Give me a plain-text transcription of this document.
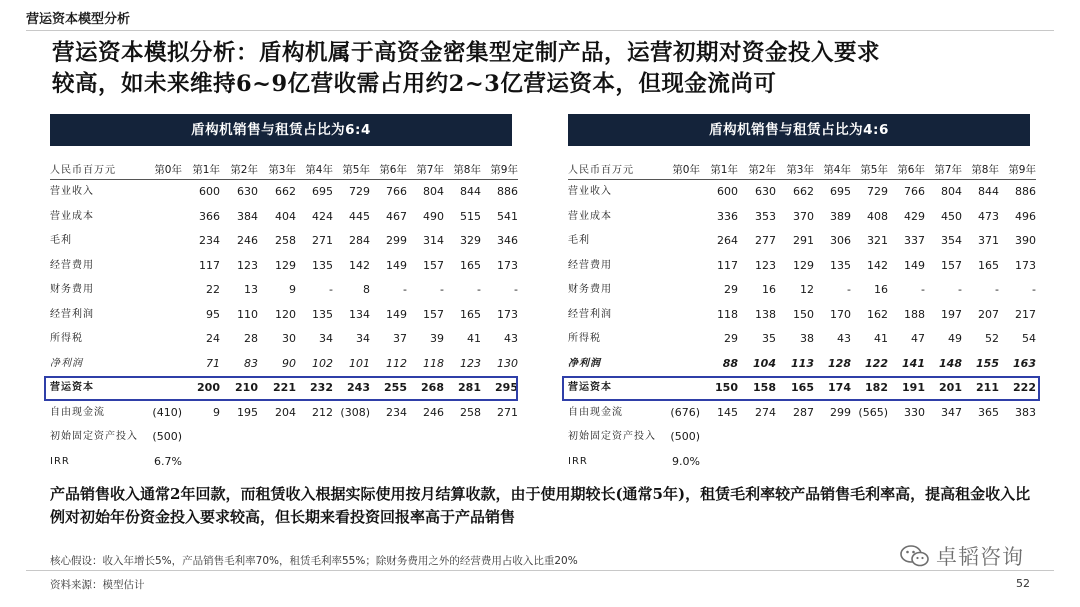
营运资本模型分析
营运资本模拟分析：盾构机属于高资金密集型定制产品，运营初期对资金投入要求
较高，如未来维持6~9亿营收需占用约2~3亿营运资本，但现金流尚可
盾构机销售与租赁占比为6:4
人民币百万元	第0年	第1年	第2年	第3年	第4年	第5年	第6年	第7年	第8年	第9年
营业收入		600	630	662	695	729	766	804	844	886
营业成本		366	384	404	424	445	467	490	515	541
毛利		234	246	258	271	284	299	314	329	346
经营费用		117	123	129	135	142	149	157	165	173
财务费用		22	13	9	-	8	-	-	-	-
经营利润		95	110	120	135	134	149	157	165	173
所得税		24	28	30	34	34	37	39	41	43
净利润		71	83	90	102	101	112	118	123	130
营运资本		200	210	221	232	243	255	268	281	295
自由现金流	(410)	9	195	204	212	(308)	234	246	258	271
初始固定资产投入	(500)									
IRR	6.7%									
盾构机销售与租赁占比为4:6
人民币百万元	第0年	第1年	第2年	第3年	第4年	第5年	第6年	第7年	第8年	第9年
营业收入		600	630	662	695	729	766	804	844	886
营业成本		336	353	370	389	408	429	450	473	496
毛利		264	277	291	306	321	337	354	371	390
经营费用		117	123	129	135	142	149	157	165	173
财务费用		29	16	12	-	16	-	-	-	-
经营利润		118	138	150	170	162	188	197	207	217
所得税		29	35	38	43	41	47	49	52	54
净利润		88	104	113	128	122	141	148	155	163
营运资本		150	158	165	174	182	191	201	211	222
自由现金流	(676)	145	274	287	299	(565)	330	347	365	383
初始固定资产投入	(500)									
IRR	9.0%									
产品销售收入通常2年回款，而租赁收入根据实际使用按月结算收款，由于使用期较长(通常5年)，租赁毛利率较产品销售毛利率高，提高租金收入比例对初始年份资金投入要求较高，但长期来看投资回报率高于产品销售
核心假设：收入年增长5%，产品销售毛利率70%，租赁毛利率55%；除财务费用之外的经营费用占收入比重20%
资料来源：模型估计	52
卓韬咨询
